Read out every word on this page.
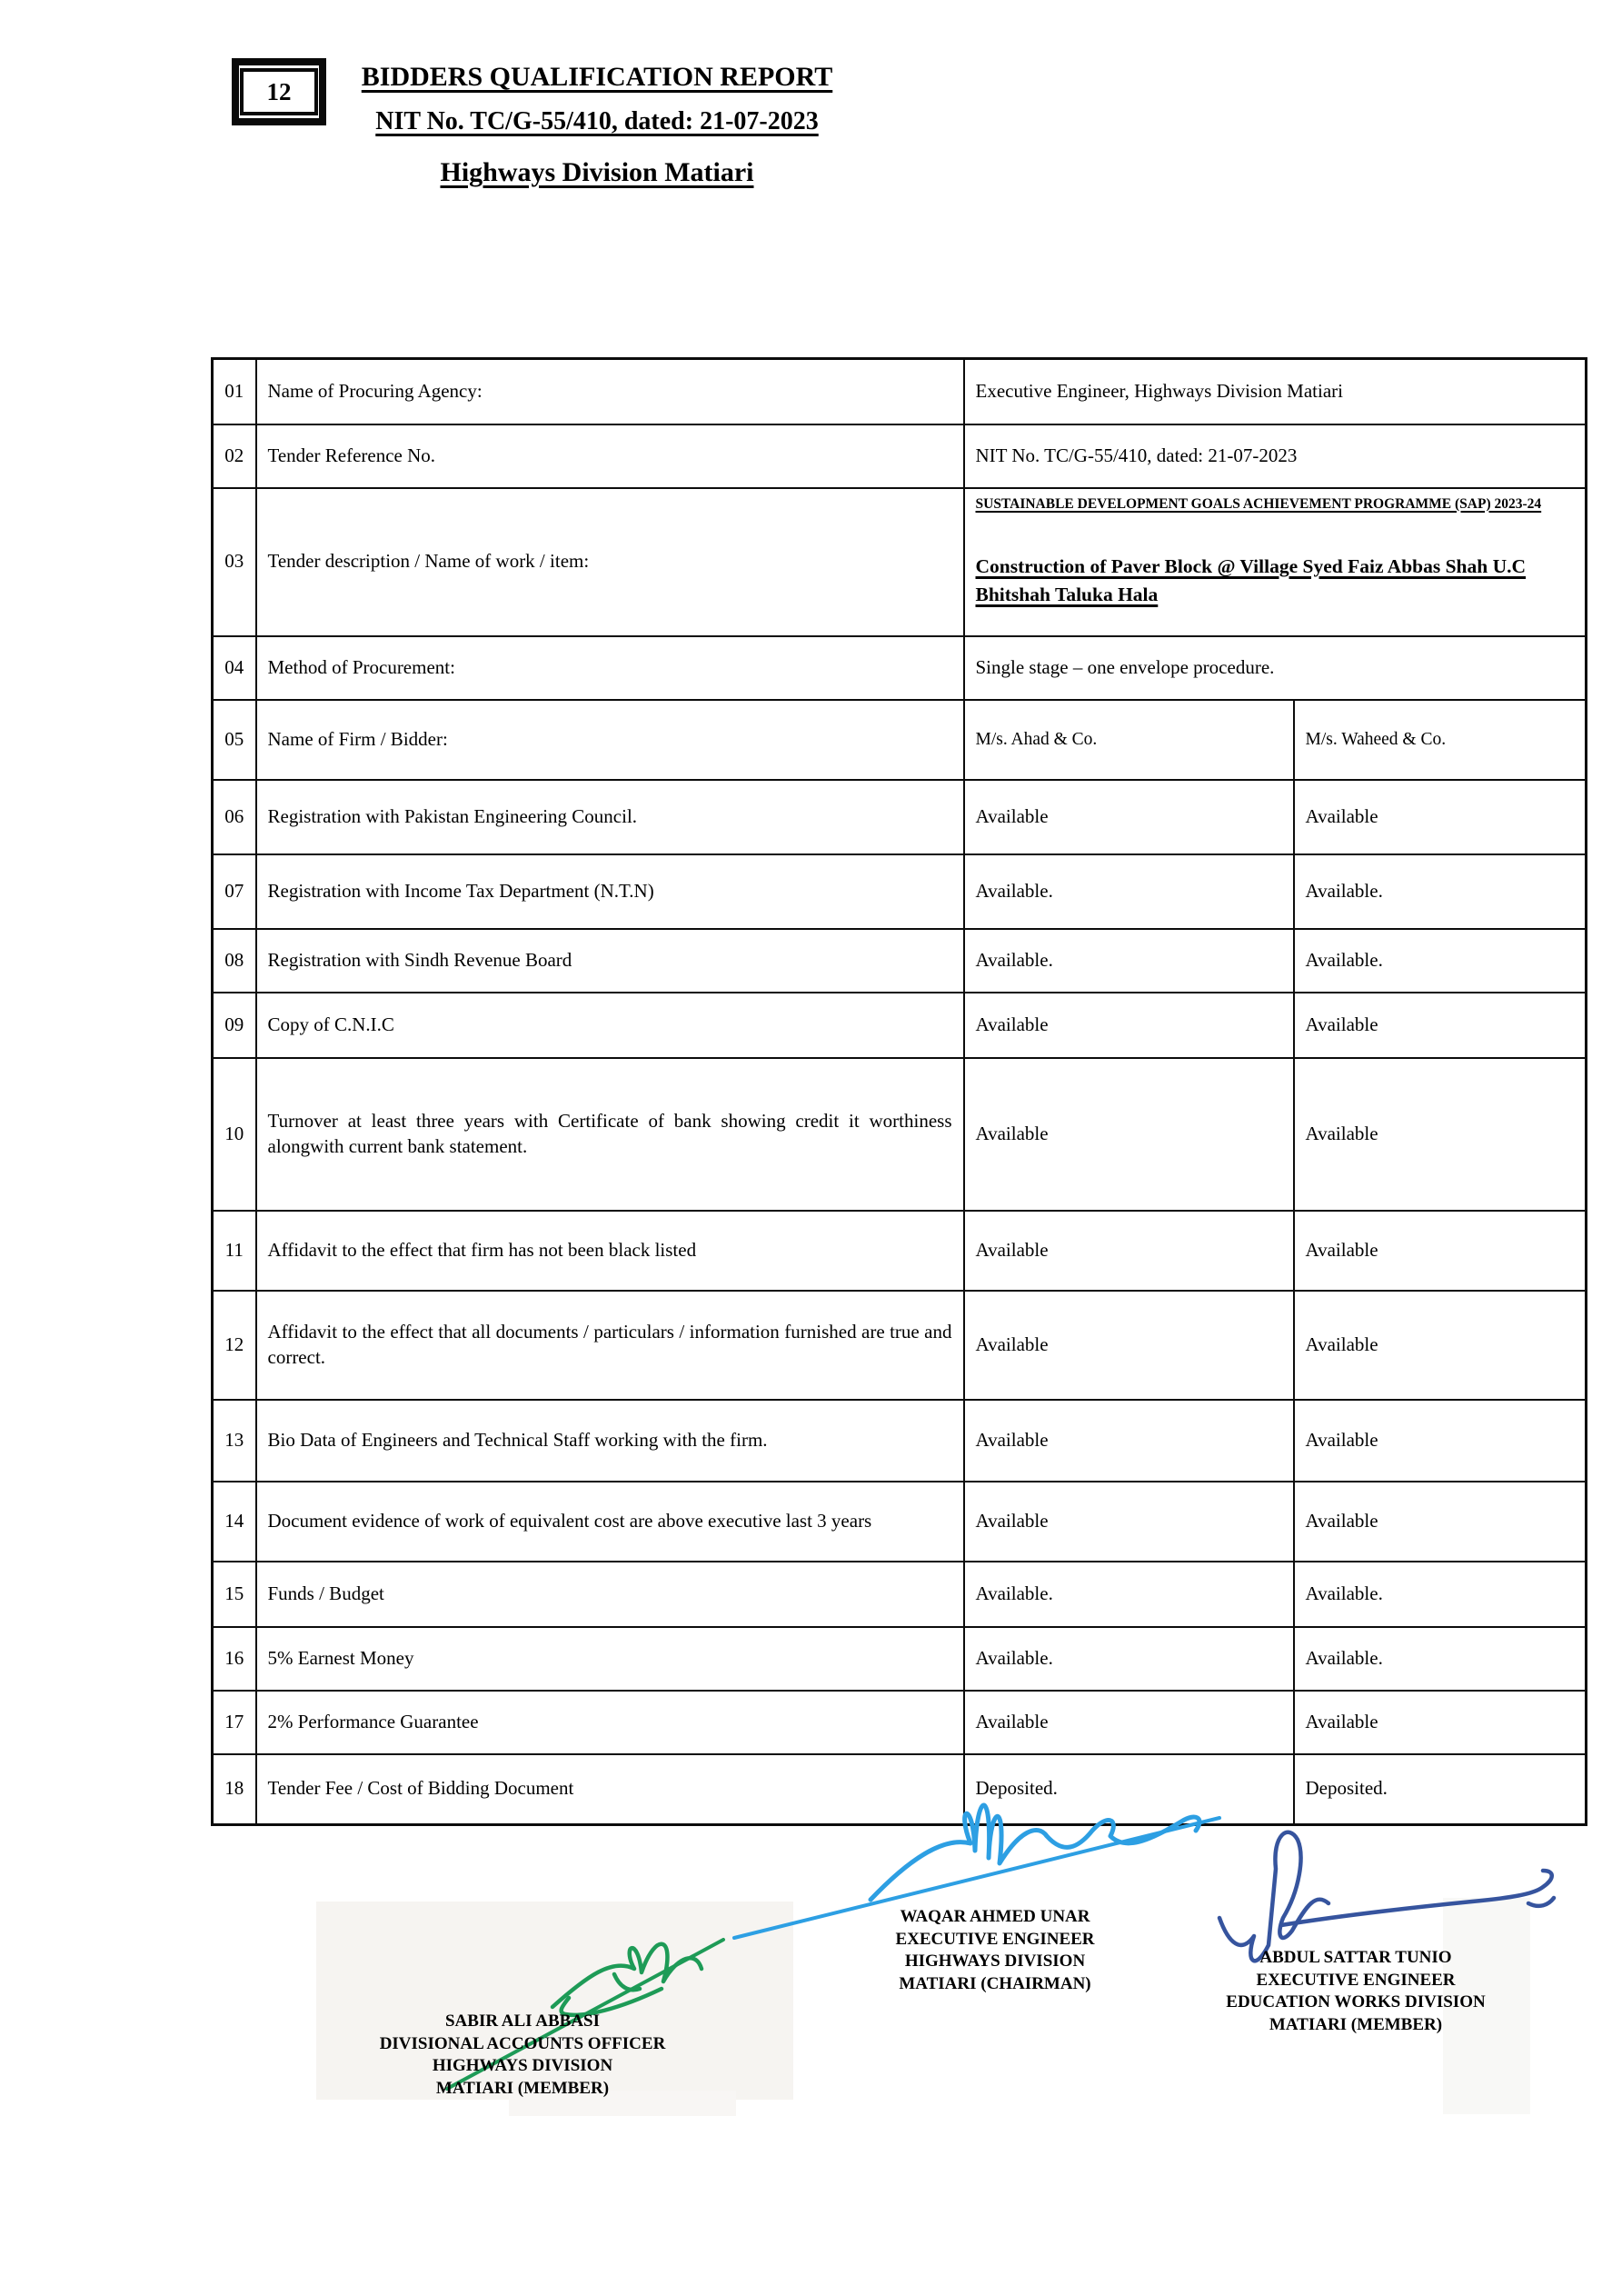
12	BIDDERS QUALIFICATION REPORT
NIT No. TC/G-55/410, dated: 21-07-2023
Highways Division Matiari
01	Name of Procuring Agency:	Executive Engineer, Highways Division Matiari	
02	Tender Reference No.	NIT No. TC/G-55/410, dated: 21-07-2023	
03	Tender description / Name of work / item:	SUSTAINABLE DEVELOPMENT GOALS ACHIEVEMENT PROGRAMME (SAP) 2023-24

Construction of Paver Block @ Village Syed Faiz Abbas Shah U.C Bhitshah Taluka Hala	

04	Method of Procurement:	Single stage – one envelope procedure.	
05	Name of Firm / Bidder:	M/s. Ahad & Co.	M/s. Waheed & Co.
06	Registration with Pakistan Engineering Council.	Available	Available
07	Registration with Income Tax Department (N.T.N)	Available.	Available.
08	Registration with Sindh Revenue Board	Available.	Available.
09	Copy of C.N.I.C	Available	Available
10	Turnover at least three years with Certificate of bank showing credit it worthiness alongwith current bank statement.	Available	Available
11	Affidavit to the effect that firm has not been black listed	Available	Available
12	Affidavit to the effect that all documents / particulars / information furnished are true and correct.	Available	Available
13	Bio Data of Engineers and Technical Staff working with the firm.	Available	Available
14	Document evidence of work of equivalent cost are above executive last 3 years	Available	Available
15	Funds / Budget	Available.	Available.
16	5% Earnest Money	Available.	Available.
17	2% Performance Guarantee	Available	Available
18	Tender Fee / Cost of Bidding Document	Deposited.	Deposited.
WAQAR AHMED UNAR
EXECUTIVE ENGINEER
HIGHWAYS DIVISION
MATIARI (CHAIRMAN)
SABIR ALI ABBASI
DIVISIONAL ACCOUNTS OFFICER
HIGHWAYS DIVISION
MATIARI (MEMBER)
ABDUL SATTAR TUNIO
EXECUTIVE ENGINEER
EDUCATION WORKS DIVISION
MATIARI (MEMBER)
